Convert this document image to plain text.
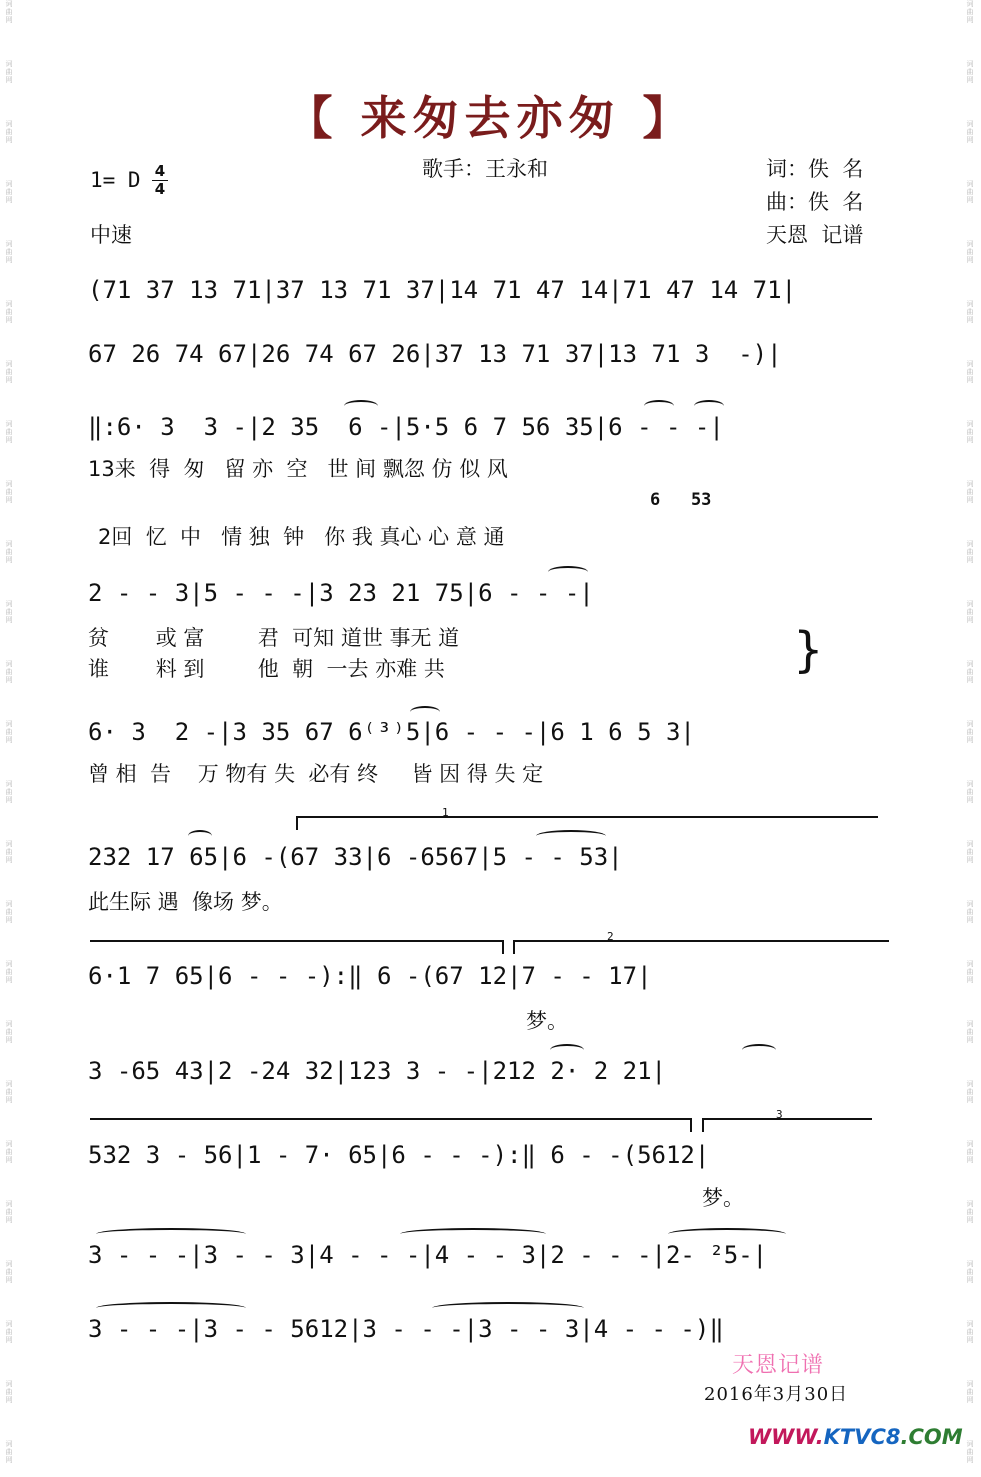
词曲网
词曲网
词曲网
词曲网
词曲网
词曲网
词曲网
词曲网
词曲网
词曲网
词曲网
词曲网
词曲网
词曲网
词曲网
词曲网
词曲网
词曲网
词曲网
词曲网
词曲网
词曲网
词曲网
词曲网
词曲网
词曲网
词曲网
词曲网
词曲网
词曲网
词曲网
词曲网
词曲网
词曲网
词曲网
词曲网
词曲网
词曲网
词曲网
词曲网
词曲网
词曲网
词曲网
词曲网
词曲网
词曲网
词曲网
词曲网
词曲网
词曲网
【 来匆去亦匆 】
歌手：王永和	词：佚  名
曲：佚  名
天恩  记谱
1= D 4
4
中速
(71 37 13 71|37 13 71 37|14 71 47 14|71 47 14 71|
67 26 74 67|26 74 67 26|37 13 71 37|13 71 3  -)|
‖:6· 3  3 -|2 35  6 -|5·5 6 7 56 35|6 - - -|
13来  得  匆   留 亦  空   世 间 飘忽 仿 似 风
6   53
2回  忆  中   情 独  钟   你 我 真心 心 意 通
2 - - 3|5 - - -|3 23 21 75|6 - - -|
贫       或 富        君  可知 道世 事无 道
谁       料 到        他  朝  一去 亦难 共	}
6· 3  2 -|3 35 67 6⁽³⁾5|6 - - -|6 1 6 5 3|
曾 相  告    万 物有 失  必有 终     皆 因 得 失 定
1
232 17 65|6 -(67 33|6 -6567|5 - - 53|
此生际 遇  像场 梦。
2
6·1 7 65|6 - - -):‖ 6 -(67 12|7 - - 17|
梦。
3 -65 43|2 -24 32|123 3 - -|212 2· 2 21|
3
532 3 - 56|1 - 7· 65|6 - - -):‖ 6 - -(5612|
梦。
3 - - -|3 - - 3|4 - - -|4 - - 3|2 - - -|2- ²5-|
3 - - -|3 - - 5612|3 - - -|3 - - 3|4 - - -)‖
天恩记谱
2016年3月30日
WWW.KTVC8.COM
